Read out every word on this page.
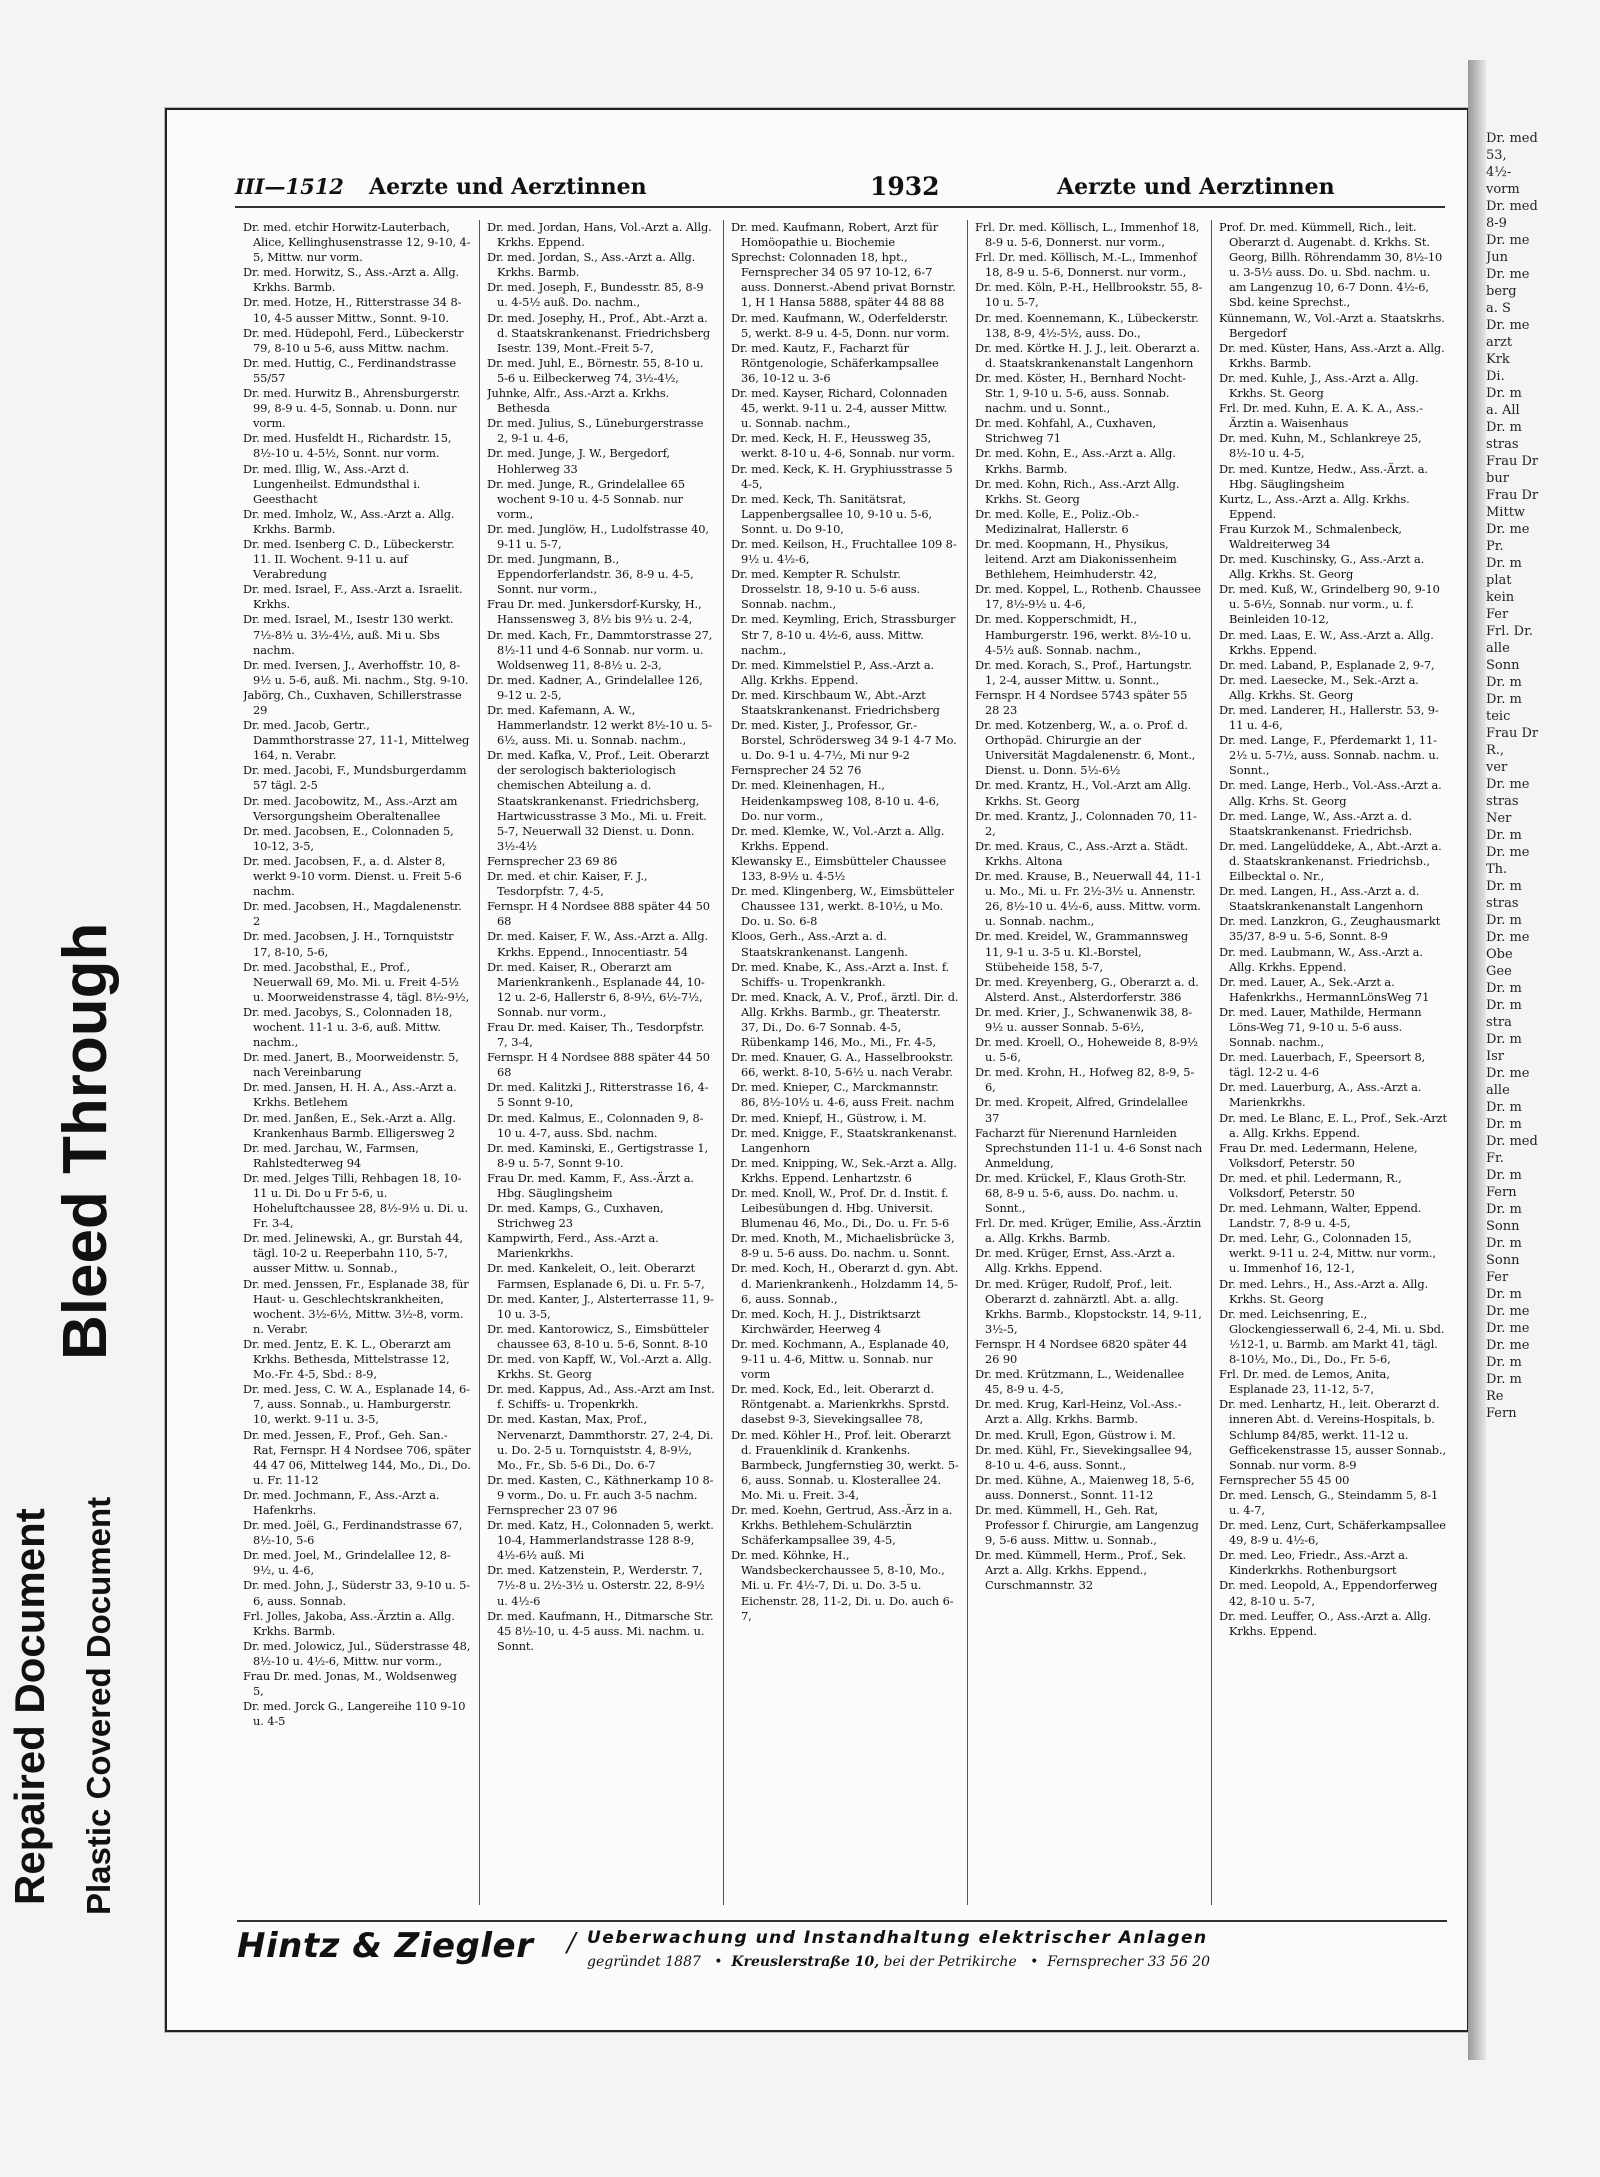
Repaired Document Plastic Covered Document
Bleed Through
III—1512 Aerzte und Aerztinnen	1932	Aerzte und Aerztinnen
Dr. med. etchir Horwitz-Lauterbach, Alice, Kellinghusenstrasse 12, 9-10, 4-5, Mittw. nur vorm.
Dr. med. Horwitz, S., Ass.-Arzt a. Allg. Krkhs. Barmb.
Dr. med. Hotze, H., Ritterstrasse 34 8-10, 4-5 ausser Mittw., Sonnt. 9-10.
Dr. med. Hüdepohl, Ferd., Lübeckerstr 79, 8-10 u 5-6, auss Mittw. nachm.
Dr. med. Huttig, C., Ferdinandstrasse 55/57
Dr. med. Hurwitz B., Ahrensburgerstr. 99, 8-9 u. 4-5, Sonnab. u. Donn. nur vorm.
Dr. med. Husfeldt H., Richardstr. 15, 8½-10 u. 4-5½, Sonnt. nur vorm.
Dr. med. Illig, W., Ass.-Arzt d. Lungenheilst. Edmundsthal i. Geesthacht
Dr. med. Imholz, W., Ass.-Arzt a. Allg. Krkhs. Barmb.
Dr. med. Isenberg C. D., Lübeckerstr. 11. II. Wochent. 9-11 u. auf Verabredung
Dr. med. Israel, F., Ass.-Arzt a. Israelit. Krkhs.
Dr. med. Israel, M., Isestr 130 werkt. 7½-8½ u. 3½-4½, auß. Mi u. Sbs nachm.
Dr. med. Iversen, J., Averhoffstr. 10, 8-9½ u. 5-6, auß. Mi. nachm., Stg. 9-10.
Jabörg, Ch., Cuxhaven, Schillerstrasse 29
Dr. med. Jacob, Gertr., Dammthorstrasse 27, 11-1, Mittelweg 164, n. Verabr.
Dr. med. Jacobi, F., Mundsburgerdamm 57 tägl. 2-5
Dr. med. Jacobowitz, M., Ass.-Arzt am Versorgungsheim Oberaltenallee
Dr. med. Jacobsen, E., Colonnaden 5, 10-12, 3-5,
Dr. med. Jacobsen, F., a. d. Alster 8, werkt 9-10 vorm. Dienst. u. Freit 5-6 nachm.
Dr. med. Jacobsen, H., Magdalenenstr. 2
Dr. med. Jacobsen, J. H., Tornquiststr 17, 8-10, 5-6,
Dr. med. Jacobsthal, E., Prof., Neuerwall 69, Mo. Mi. u. Freit 4-5½ u. Moorweidenstrasse 4, tägl. 8½-9½,
Dr. med. Jacobys, S., Colonnaden 18, wochent. 11-1 u. 3-6, auß. Mittw. nachm.,
Dr. med. Janert, B., Moorweidenstr. 5, nach Vereinbarung
Dr. med. Jansen, H. H. A., Ass.-Arzt a. Krkhs. Betlehem
Dr. med. Janßen, E., Sek.-Arzt a. Allg. Krankenhaus Barmb. Elligersweg 2
Dr. med. Jarchau, W., Farmsen, Rahlstedterweg 94
Dr. med. Jelges Tilli, Rehbagen 18, 10-11 u. Di. Do u Fr 5-6, u. Hoheluftchaussee 28, 8½-9½ u. Di. u. Fr. 3-4,
Dr. med. Jelinewski, A., gr. Burstah 44, tägl. 10-2 u. Reeperbahn 110, 5-7, ausser Mittw. u. Sonnab.,
Dr. med. Jenssen, Fr., Esplanade 38, für Haut- u. Geschlechtskrankheiten, wochent. 3½-6½, Mittw. 3½-8, vorm. n. Verabr.
Dr. med. Jentz, E. K. L., Oberarzt am Krkhs. Bethesda, Mittelstrasse 12, Mo.-Fr. 4-5, Sbd.: 8-9,
Dr. med. Jess, C. W. A., Esplanade 14, 6-7, auss. Sonnab., u. Hamburgerstr. 10, werkt. 9-11 u. 3-5,
Dr. med. Jessen, F., Prof., Geh. San.-Rat, Fernspr. H 4 Nordsee 706, später 44 47 06, Mittelweg 144, Mo., Di., Do. u. Fr. 11-12
Dr. med. Jochmann, F., Ass.-Arzt a. Hafenkrhs.
Dr. med. Joël, G., Ferdinandstrasse 67, 8½-10, 5-6
Dr. med. Joel, M., Grindelallee 12, 8-9½, u. 4-6,
Dr. med. John, J., Süderstr 33, 9-10 u. 5-6, auss. Sonnab.
Frl. Jolles, Jakoba, Ass.-Ärztin a. Allg. Krkhs. Barmb.
Dr. med. Jolowicz, Jul., Süderstrasse 48, 8½-10 u. 4½-6, Mittw. nur vorm.,
Frau Dr. med. Jonas, M., Woldsenweg 5,
Dr. med. Jorck G., Langereihe 110 9-10 u. 4-5
Dr. med. Jordan, Hans, Vol.-Arzt a. Allg. Krkhs. Eppend.
Dr. med. Jordan, S., Ass.-Arzt a. Allg. Krkhs. Barmb.
Dr. med. Joseph, F., Bundesstr. 85, 8-9 u. 4-5½ auß. Do. nachm.,
Dr. med. Josephy, H., Prof., Abt.-Arzt a. d. Staatskrankenanst. Friedrichsberg Isestr. 139, Mont.-Freit 5-7,
Dr. med. Juhl, E., Börnestr. 55, 8-10 u. 5-6 u. Eilbeckerweg 74, 3½-4½,
Juhnke, Alfr., Ass.-Arzt a. Krkhs. Bethesda
Dr. med. Julius, S., Lüneburgerstrasse 2, 9-1 u. 4-6,
Dr. med. Junge, J. W., Bergedorf, Hohlerweg 33
Dr. med. Junge, R., Grindelallee 65 wochent 9-10 u. 4-5 Sonnab. nur vorm.,
Dr. med. Junglöw, H., Ludolfstrasse 40, 9-11 u. 5-7,
Dr. med. Jungmann, B., Eppendorferlandstr. 36, 8-9 u. 4-5, Sonnt. nur vorm.,
Frau Dr. med. Junkersdorf-Kursky, H., Hanssensweg 3, 8½ bis 9½ u. 2-4,
Dr. med. Kach, Fr., Dammtorstrasse 27, 8½-11 und 4-6 Sonnab. nur vorm. u. Woldsenweg 11, 8-8½ u. 2-3,
Dr. med. Kadner, A., Grindelallee 126, 9-12 u. 2-5,
Dr. med. Kafemann, A. W., Hammerlandstr. 12 werkt 8½-10 u. 5-6½, auss. Mi. u. Sonnab. nachm.,
Dr. med. Kafka, V., Prof., Leit. Oberarzt der serologisch bakteriologisch chemischen Abteilung a. d. Staatskrankenanst. Friedrichsberg, Hartwicusstrasse 3 Mo., Mi. u. Freit. 5-7, Neuerwall 32 Dienst. u. Donn. 3½-4½
Fernsprecher 23 69 86
Dr. med. et chir. Kaiser, F. J., Tesdorpfstr. 7, 4-5,
Fernspr. H 4 Nordsee 888 später 44 50 68
Dr. med. Kaiser, F. W., Ass.-Arzt a. Allg. Krkhs. Eppend., Innocentiastr. 54
Dr. med. Kaiser, R., Oberarzt am Marienkrankenh., Esplanade 44, 10-12 u. 2-6, Hallerstr 6, 8-9½, 6½-7½, Sonnab. nur vorm.,
Frau Dr. med. Kaiser, Th., Tesdorpfstr. 7, 3-4,
Fernspr. H 4 Nordsee 888 später 44 50 68
Dr. med. Kalitzki J., Ritterstrasse 16, 4-5 Sonnt 9-10,
Dr. med. Kalmus, E., Colonnaden 9, 8-10 u. 4-7, auss. Sbd. nachm.
Dr. med. Kaminski, E., Gertigstrasse 1, 8-9 u. 5-7, Sonnt 9-10.
Frau Dr. med. Kamm, F., Ass.-Ärzt a. Hbg. Säuglingsheim
Dr. med. Kamps, G., Cuxhaven, Strichweg 23
Kampwirth, Ferd., Ass.-Arzt a. Marienkrkhs.
Dr. med. Kankeleit, O., leit. Oberarzt Farmsen, Esplanade 6, Di. u. Fr. 5-7,
Dr. med. Kanter, J., Alsterterrasse 11, 9-10 u. 3-5,
Dr. med. Kantorowicz, S., Eimsbütteler chaussee 63, 8-10 u. 5-6, Sonnt. 8-10
Dr. med. von Kapff, W., Vol.-Arzt a. Allg. Krkhs. St. Georg
Dr. med. Kappus, Ad., Ass.-Arzt am Inst. f. Schiffs- u. Tropenkrkh.
Dr. med. Kastan, Max, Prof., Nervenarzt, Dammthorstr. 27, 2-4, Di. u. Do. 2-5 u. Tornquiststr. 4, 8-9½, Mo., Fr., Sb. 5-6 Di., Do. 6-7
Dr. med. Kasten, C., Käthnerkamp 10 8-9 vorm., Do. u. Fr. auch 3-5 nachm.
Fernsprecher 23 07 96
Dr. med. Katz, H., Colonnaden 5, werkt. 10-4, Hammerlandstrasse 128 8-9, 4½-6½ auß. Mi
Dr. med. Katzenstein, P., Werderstr. 7, 7½-8 u. 2½-3½ u. Osterstr. 22, 8-9½ u. 4½-6
Dr. med. Kaufmann, H., Ditmarsche Str. 45 8½-10, u. 4-5 auss. Mi. nachm. u. Sonnt.
Dr. med. Kaufmann, Robert, Arzt für Homöopathie u. Biochemie
Sprechst: Colonnaden 18, hpt., Fernsprecher 34 05 97 10-12, 6-7 auss. Donnerst.-Abend privat Bornstr. 1, H 1 Hansa 5888, später 44 88 88
Dr. med. Kaufmann, W., Oderfelderstr. 5, werkt. 8-9 u. 4-5, Donn. nur vorm.
Dr. med. Kautz, F., Facharzt für Röntgenologie, Schäferkampsallee 36, 10-12 u. 3-6
Dr. med. Kayser, Richard, Colonnaden 45, werkt. 9-11 u. 2-4, ausser Mittw. u. Sonnab. nachm.,
Dr. med. Keck, H. F., Heussweg 35, werkt. 8-10 u. 4-6, Sonnab. nur vorm.
Dr. med. Keck, K. H. Gryphiusstrasse 5 4-5,
Dr. med. Keck, Th. Sanitätsrat, Lappenbergsallee 10, 9-10 u. 5-6, Sonnt. u. Do 9-10,
Dr. med. Keilson, H., Fruchtallee 109 8-9½ u. 4½-6,
Dr. med. Kempter R. Schulstr. Drosselstr. 18, 9-10 u. 5-6 auss. Sonnab. nachm.,
Dr. med. Keymling, Erich, Strassburger Str 7, 8-10 u. 4½-6, auss. Mittw. nachm.,
Dr. med. Kimmelstiel P., Ass.-Arzt a. Allg. Krkhs. Eppend.
Dr. med. Kirschbaum W., Abt.-Arzt Staatskrankenanst. Friedrichsberg
Dr. med. Kister, J., Professor, Gr.-Borstel, Schrödersweg 34 9-1 4-7 Mo. u. Do. 9-1 u. 4-7½, Mi nur 9-2
Fernsprecher 24 52 76
Dr. med. Kleinenhagen, H., Heidenkampsweg 108, 8-10 u. 4-6, Do. nur vorm.,
Dr. med. Klemke, W., Vol.-Arzt a. Allg. Krkhs. Eppend.
Klewansky E., Eimsbütteler Chaussee 133, 8-9½ u. 4-5½
Dr. med. Klingenberg, W., Eimsbütteler Chaussee 131, werkt. 8-10½, u Mo. Do. u. So. 6-8
Kloos, Gerh., Ass.-Arzt a. d. Staatskrankenanst. Langenh.
Dr. med. Knabe, K., Ass.-Arzt a. Inst. f. Schiffs- u. Tropenkrankh.
Dr. med. Knack, A. V., Prof., ärztl. Dir. d. Allg. Krkhs. Barmb., gr. Theaterstr. 37, Di., Do. 6-7 Sonnab. 4-5, Rübenkamp 146, Mo., Mi., Fr. 4-5,
Dr. med. Knauer, G. A., Hasselbrookstr. 66, werkt. 8-10, 5-6½ u. nach Verabr.
Dr. med. Knieper, C., Marckmannstr. 86, 8½-10½ u. 4-6, auss Freit. nachm
Dr. med. Kniepf, H., Güstrow, i. M.
Dr. med. Knigge, F., Staatskrankenanst. Langenhorn
Dr. med. Knipping, W., Sek.-Arzt a. Allg. Krkhs. Eppend. Lenhartzstr. 6
Dr. med. Knoll, W., Prof. Dr. d. Instit. f. Leibesübungen d. Hbg. Universit. Blumenau 46, Mo., Di., Do. u. Fr. 5-6
Dr. med. Knoth, M., Michaelisbrücke 3, 8-9 u. 5-6 auss. Do. nachm. u. Sonnt.
Dr. med. Koch, H., Oberarzt d. gyn. Abt. d. Marienkrankenh., Holzdamm 14, 5-6, auss. Sonnab.,
Dr. med. Koch, H. J., Distriktsarzt Kirchwärder, Heerweg 4
Dr. med. Kochmann, A., Esplanade 40, 9-11 u. 4-6, Mittw. u. Sonnab. nur vorm
Dr. med. Kock, Ed., leit. Oberarzt d. Röntgenabt. a. Marienkrkhs. Sprstd. dasebst 9-3, Sievekingsallee 78,
Dr. med. Köhler H., Prof. leit. Oberarzt d. Frauenklinik d. Krankenhs. Barmbeck, Jungfernstieg 30, werkt. 5-6, auss. Sonnab. u. Klosterallee 24. Mo. Mi. u. Freit. 3-4,
Dr. med. Koehn, Gertrud, Ass.-Ärz in a. Krkhs. Bethlehem-Schulärztin Schäferkampsallee 39, 4-5,
Dr. med. Köhnke, H., Wandsbeckerchaussee 5, 8-10, Mo., Mi. u. Fr. 4½-7, Di. u. Do. 3-5 u. Eichenstr. 28, 11-2, Di. u. Do. auch 6-7,
Frl. Dr. med. Köllisch, L., Immenhof 18, 8-9 u. 5-6, Donnerst. nur vorm.,
Frl. Dr. med. Köllisch, M.-L., Immenhof 18, 8-9 u. 5-6, Donnerst. nur vorm.,
Dr. med. Köln, P.-H., Hellbrookstr. 55, 8-10 u. 5-7,
Dr. med. Koennemann, K., Lübeckerstr. 138, 8-9, 4½-5½, auss. Do.,
Dr. med. Körtke H. J. J., leit. Oberarzt a. d. Staatskrankenanstalt Langenhorn
Dr. med. Köster, H., Bernhard Nocht-Str. 1, 9-10 u. 5-6, auss. Sonnab. nachm. und u. Sonnt.,
Dr. med. Kohfahl, A., Cuxhaven, Strichweg 71
Dr. med. Kohn, E., Ass.-Arzt a. Allg. Krkhs. Barmb.
Dr. med. Kohn, Rich., Ass.-Arzt Allg. Krkhs. St. Georg
Dr. med. Kolle, E., Poliz.-Ob.-Medizinalrat, Hallerstr. 6
Dr. med. Koopmann, H., Physikus, leitend. Arzt am Diakonissenheim Bethlehem, Heimhuderstr. 42,
Dr. med. Koppel, L., Rothenb. Chaussee 17, 8½-9½ u. 4-6,
Dr. med. Kopperschmidt, H., Hamburgerstr. 196, werkt. 8½-10 u. 4-5½ auß. Sonnab. nachm.,
Dr. med. Korach, S., Prof., Hartungstr. 1, 2-4, ausser Mittw. u. Sonnt.,
Fernspr. H 4 Nordsee 5743 später 55 28 23
Dr. med. Kotzenberg, W., a. o. Prof. d. Orthopäd. Chirurgie an der Universität Magdalenenstr. 6, Mont., Dienst. u. Donn. 5½-6½
Dr. med. Krantz, H., Vol.-Arzt am Allg. Krkhs. St. Georg
Dr. med. Krantz, J., Colonnaden 70, 11-2,
Dr. med. Kraus, C., Ass.-Arzt a. Städt. Krkhs. Altona
Dr. med. Krause, B., Neuerwall 44, 11-1 u. Mo., Mi. u. Fr. 2½-3½ u. Annenstr. 26, 8½-10 u. 4½-6, auss. Mittw. vorm. u. Sonnab. nachm.,
Dr. med. Kreidel, W., Grammannsweg 11, 9-1 u. 3-5 u. Kl.-Borstel, Stübeheide 158, 5-7,
Dr. med. Kreyenberg, G., Oberarzt a. d. Alsterd. Anst., Alsterdorferstr. 386
Dr. med. Kriег, J., Schwanenwik 38, 8-9½ u. ausser Sonnab. 5-6½,
Dr. med. Kroell, O., Hoheweide 8, 8-9½ u. 5-6,
Dr. med. Krohn, H., Hofweg 82, 8-9, 5-6,
Dr. med. Kropeit, Alfred, Grindelallee 37
Facharzt für Nierenund Harnleiden Sprechstunden 11-1 u. 4-6 Sonst nach Anmeldung,
Dr. med. Krückel, F., Klaus Groth-Str. 68, 8-9 u. 5-6, auss. Do. nachm. u. Sonnt.,
Frl. Dr. med. Krüger, Emilie, Ass.-Ärztin a. Allg. Krkhs. Barmb.
Dr. med. Krüger, Ernst, Ass.-Arzt a. Allg. Krkhs. Eppend.
Dr. med. Krüger, Rudolf, Prof., leit. Oberarzt d. zahnärztl. Abt. a. allg. Krkhs. Barmb., Klopstockstr. 14, 9-11, 3½-5,
Fernspr. H 4 Nordsee 6820 später 44 26 90
Dr. med. Krützmann, L., Weidenallee 45, 8-9 u. 4-5,
Dr. med. Krug, Karl-Heinz, Vol.-Ass.-Arzt a. Allg. Krkhs. Barmb.
Dr. med. Krull, Egon, Güstrow i. M.
Dr. med. Kühl, Fr., Sievekingsallee 94, 8-10 u. 4-6, auss. Sonnt.,
Dr. med. Kühne, A., Maienweg 18, 5-6, auss. Donnerst., Sonnt. 11-12
Dr. med. Kümmell, H., Geh. Rat, Professor f. Chirurgie, am Langenzug 9, 5-6 auss. Mittw. u. Sonnab.,
Dr. med. Kümmell, Herm., Prof., Sek. Arzt a. Allg. Krkhs. Eppend., Curschmannstr. 32
Prof. Dr. med. Kümmell, Rich., leit. Oberarzt d. Augenabt. d. Krkhs. St. Georg, Billh. Röhrendamm 30, 8½-10 u. 3-5½ auss. Do. u. Sbd. nachm. u. am Langenzug 10, 6-7 Donn. 4½-6, Sbd. keine Sprechst.,
Künnemann, W., Vol.-Arzt a. Staatskrhs. Bergedorf
Dr. med. Küster, Hans, Ass.-Arzt a. Allg. Krkhs. Barmb.
Dr. med. Kuhle, J., Ass.-Arzt a. Allg. Krkhs. St. Georg
Frl. Dr. med. Kuhn, E. A. K. A., Ass.-Ärztin a. Waisenhaus
Dr. med. Kuhn, M., Schlankreye 25, 8½-10 u. 4-5,
Dr. med. Kuntze, Hedw., Ass.-Ärzt. a. Hbg. Säuglingsheim
Kurtz, L., Ass.-Arzt a. Allg. Krkhs. Eppend.
Frau Kurzok M., Schmalenbeck, Waldreiterweg 34
Dr. med. Kuschinsky, G., Ass.-Arzt a. Allg. Krkhs. St. Georg
Dr. med. Kuß, W., Grindelberg 90, 9-10 u. 5-6½, Sonnab. nur vorm., u. f. Beinleiden 10-12,
Dr. med. Laas, E. W., Ass.-Arzt a. Allg. Krkhs. Eppend.
Dr. med. Laband, P., Esplanade 2, 9-7,
Dr. med. Laesecke, M., Sek.-Arzt a. Allg. Krkhs. St. Georg
Dr. med. Landerer, H., Hallerstr. 53, 9-11 u. 4-6,
Dr. med. Lange, F., Pferdemarkt 1, 11-2½ u. 5-7½, auss. Sonnab. nachm. u. Sonnt.,
Dr. med. Lange, Herb., Vol.-Ass.-Arzt a. Allg. Krhs. St. Georg
Dr. med. Lange, W., Ass.-Arzt a. d. Staatskrankenanst. Friedrichsb.
Dr. med. Langelüddeke, A., Abt.-Arzt a. d. Staatskrankenanst. Friedrichsb., Eilbecktal o. Nr.,
Dr. med. Langen, H., Ass.-Arzt a. d. Staatskrankenanstalt Langenhorn
Dr. med. Lanzkron, G., Zeughausmarkt 35/37, 8-9 u. 5-6, Sonnt. 8-9
Dr. med. Laubmann, W., Ass.-Arzt a. Allg. Krkhs. Eppend.
Dr. med. Lauer, A., Sek.-Arzt a. Hafenkrkhs., HermannLönsWeg 71
Dr. med. Lauer, Mathilde, Hermann Löns-Weg 71, 9-10 u. 5-6 auss. Sonnab. nachm.,
Dr. med. Lauerbach, F., Speersort 8, tägl. 12-2 u. 4-6
Dr. med. Lauerburg, A., Ass.-Arzt a. Marienkrkhs.
Dr. med. Le Blanc, E. L., Prof., Sek.-Arzt a. Allg. Krkhs. Eppend.
Frau Dr. med. Ledermann, Helene, Volksdorf, Peterstr. 50
Dr. med. et phil. Ledermann, R., Volksdorf, Peterstr. 50
Dr. med. Lehmann, Walter, Eppend. Landstr. 7, 8-9 u. 4-5,
Dr. med. Lehr, G., Colonnaden 15, werkt. 9-11 u. 2-4, Mittw. nur vorm., u. Immenhof 16, 12-1,
Dr. med. Lehrs., H., Ass.-Arzt a. Allg. Krkhs. St. Georg
Dr. med. Leichsenring, E., Glockengiesserwall 6, 2-4, Mi. u. Sbd. ½12-1, u. Barmb. am Markt 41, tägl. 8-10½, Mo., Di., Do., Fr. 5-6,
Frl. Dr. med. de Lemos, Anita, Esplanade 23, 11-12, 5-7,
Dr. med. Lenhartz, H., leit. Oberarzt d. inneren Abt. d. Vereins-Hospitals, b. Schlump 84/85, werkt. 11-12 u. Gefficekenstrasse 15, ausser Sonnab., Sonnab. nur vorm. 8-9
Fernsprecher 55 45 00
Dr. med. Lensch, G., Steindamm 5, 8-1 u. 4-7,
Dr. med. Lenz, Curt, Schäferkampsallee 49, 8-9 u. 4½-6,
Dr. med. Leo, Friedr., Ass.-Arzt a. Kinderkrkhs. Rothenburgsort
Dr. med. Leopold, A., Eppendorferweg 42, 8-10 u. 5-7,
Dr. med. Leuffer, O., Ass.-Arzt a. Allg. Krkhs. Eppend.
Hintz & Ziegler / Ueberwachung und Instandhaltung elektrischer Anlagen
gegründet 1887   •  Kreuslerstraße 10, bei der Petrikirche   •  Fernsprecher 33 56 20
Dr. med
53,
4½-
vorm
Dr. med
8-9
Dr. me
Jun
Dr. me
berg
a. S
Dr. me
arzt
Krk
Di.
Dr. m
a. All
Dr. m
stras
Frau Dr
bur
Frau Dr
Mittw
Dr. me
Pr.
Dr. m
plat
kein
Fer
Frl. Dr.
alle
Sonn
Dr. m
Dr. m
teic
Frau Dr
R.,
ver
Dr. me
stras
Ner
Dr. m
Dr. me
Th.
Dr. m
stras
Dr. m
Dr. me
Obe
Gee
Dr. m
Dr. m
stra
Dr. m
Isr
Dr. me
alle
Dr. m
Dr. m
Dr. med
Fr.
Dr. m
Fern
Dr. m
Sonn
Dr. m
Sonn
Fer
Dr. m
Dr. me
Dr. me
Dr. me
Dr. m
Dr. m
Re
Fern
